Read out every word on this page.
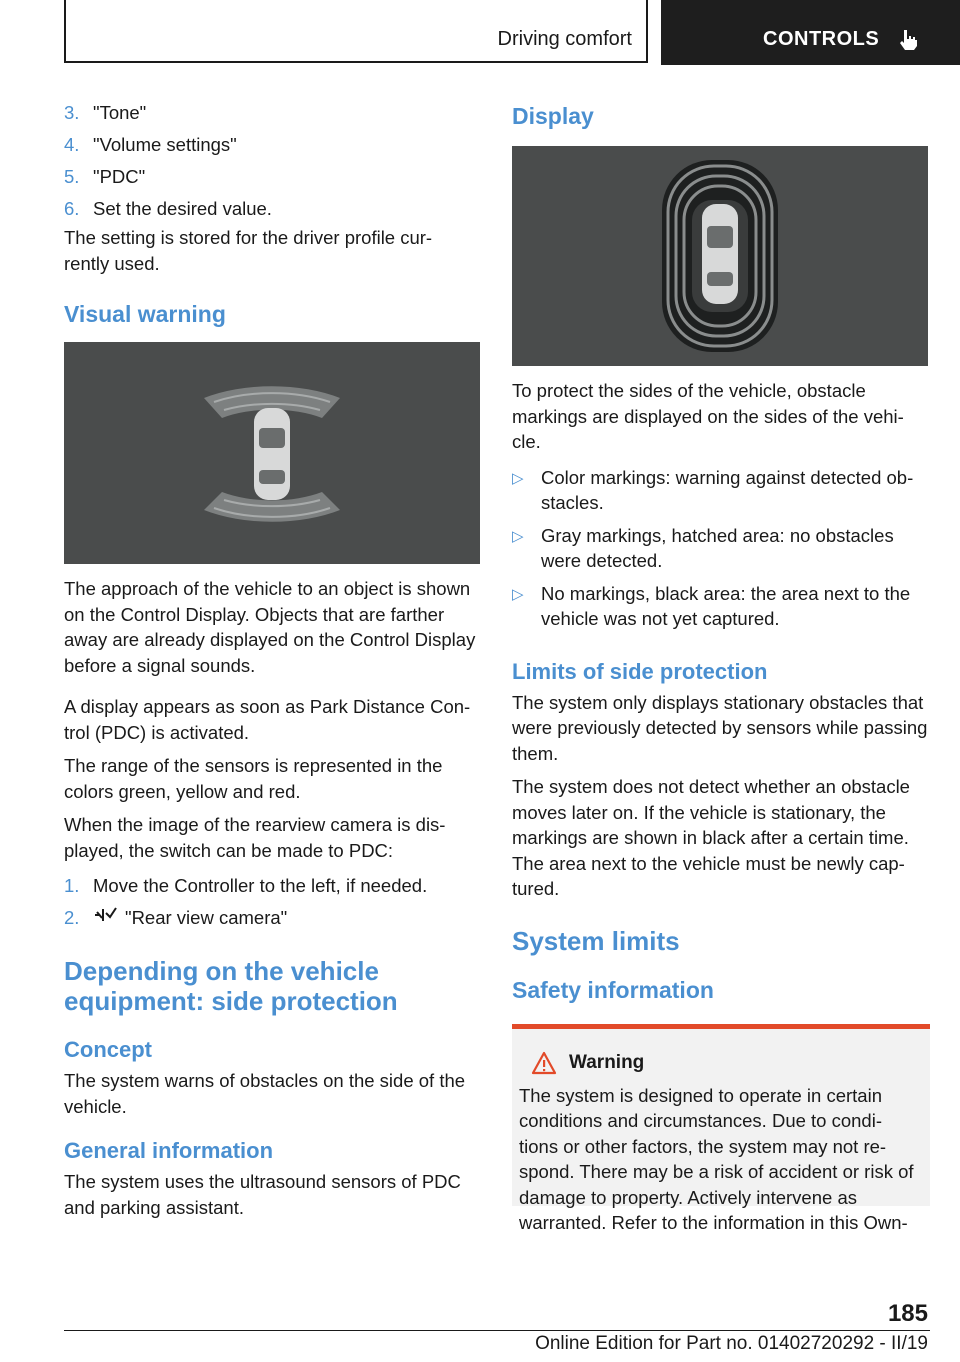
Driving comfort	CONTROLS
3. "Tone"
4. "Volume settings"
5. "PDC"
6. Set the desired value.

The setting is stored for the driver profile cur‐ rently used.

Visual warning

The approach of the vehicle to an object is shown on the Control Display. Objects that are farther away are already displayed on the Control Display before a signal sounds.

A display appears as soon as Park Distance Con‐ trol (PDC) is activated.

The range of the sensors is represented in the colors green, yellow and red.

When the image of the rearview camera is dis‐ played, the switch can be made to PDC:

1. Move the Controller to the left, if needed.
2.	"Rear view camera"
Depending on the vehicle equipment: side protection
Concept

The system warns of obstacles on the side of the vehicle.

General information

The system uses the ultrasound sensors of PDC and parking assistant.

Display

To protect the sides of the vehicle, obstacle markings are displayed on the sides of the vehi‐ cle.

▷ Color markings: warning against detected ob‐ stacles.
▷ Gray markings, hatched area: no obstacles were detected.
▷ No markings, black area: the area next to the vehicle was not yet captured.
Limits of side protection

The system only displays stationary obstacles that were previously detected by sensors while passing them.

The system does not detect whether an obstacle moves later on. If the vehicle is stationary, the markings are shown in black after a certain time. The area next to the vehicle must be newly cap‐ tured.

System limits
Safety information
Warning

The system is designed to operate in certain conditions and circumstances. Due to condi‐ tions or other factors, the system may not re‐ spond. There may be a risk of accident or risk of damage to property. Actively intervene as warranted. Refer to the information in this Own‐

185
Online Edition for Part no. 01402720292 - II/19
